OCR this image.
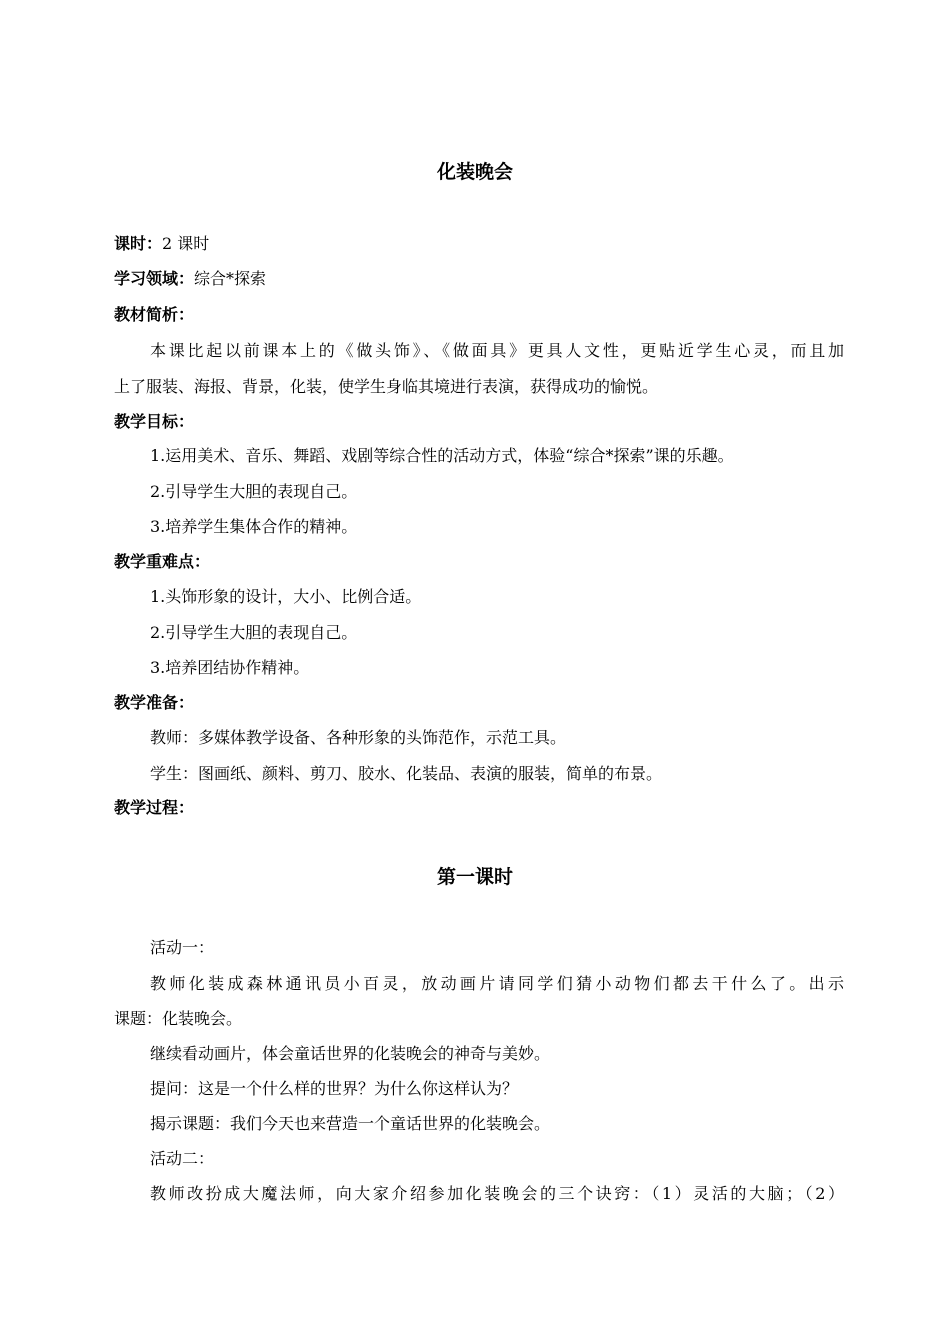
化装晚会
课时：2 课时
学习领域：综合*探索
教材简析：
本课比起以前课本上的《做头饰》、《做面具》更具人文性，更贴近学生心灵，而且加
上了服装、海报、背景，化装，使学生身临其境进行表演，获得成功的愉悦。
教学目标：
1.运用美术、音乐、舞蹈、戏剧等综合性的活动方式，体验“综合*探索”课的乐趣。
2.引导学生大胆的表现自己。
3.培养学生集体合作的精神。
教学重难点：
1.头饰形象的设计，大小、比例合适。
2.引导学生大胆的表现自己。
3.培养团结协作精神。
教学准备：
教师：多媒体教学设备、各种形象的头饰范作，示范工具。
学生：图画纸、颜料、剪刀、胶水、化装品、表演的服装，简单的布景。
教学过程：
第一课时
活动一：
教师化装成森林通讯员小百灵，放动画片请同学们猜小动物们都去干什么了。出示
课题：化装晚会。
继续看动画片，体会童话世界的化装晚会的神奇与美妙。
提问：这是一个什么样的世界？为什么你这样认为？
揭示课题：我们今天也来营造一个童话世界的化装晚会。
活动二：
教师改扮成大魔法师，向大家介绍参加化装晚会的三个诀窍：（1）灵活的大脑；（2）
